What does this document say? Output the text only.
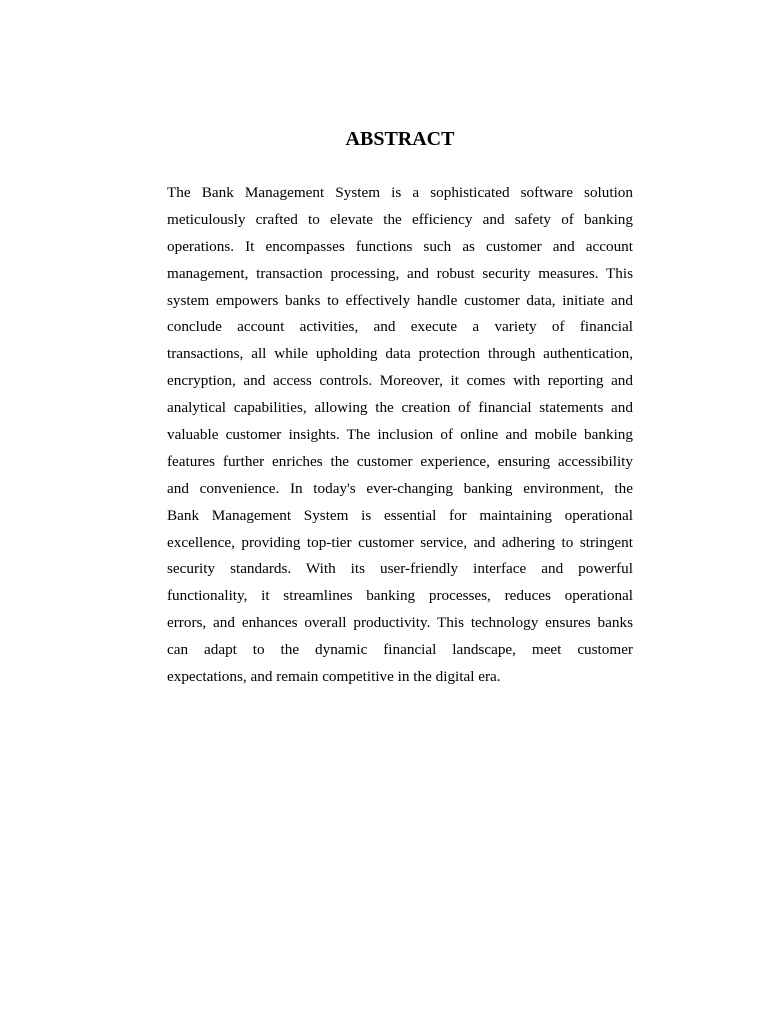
ABSTRACT
The Bank Management System is a sophisticated software solution
meticulously crafted to elevate the efficiency and safety of banking
operations. It encompasses functions such as customer and account
management, transaction processing, and robust security measures. This
system empowers banks to effectively handle customer data, initiate and
conclude account activities, and execute a variety of financial
transactions, all while upholding data protection through authentication,
encryption, and access controls. Moreover, it comes with reporting and
analytical capabilities, allowing the creation of financial statements and
valuable customer insights. The inclusion of online and mobile banking
features further enriches the customer experience, ensuring accessibility
and convenience. In today's ever-changing banking environment, the
Bank Management System is essential for maintaining operational
excellence, providing top-tier customer service, and adhering to stringent
security standards. With its user-friendly interface and powerful
functionality, it streamlines banking processes, reduces operational
errors, and enhances overall productivity. This technology ensures banks
can adapt to the dynamic financial landscape, meet customer
expectations, and remain competitive in the digital era.
